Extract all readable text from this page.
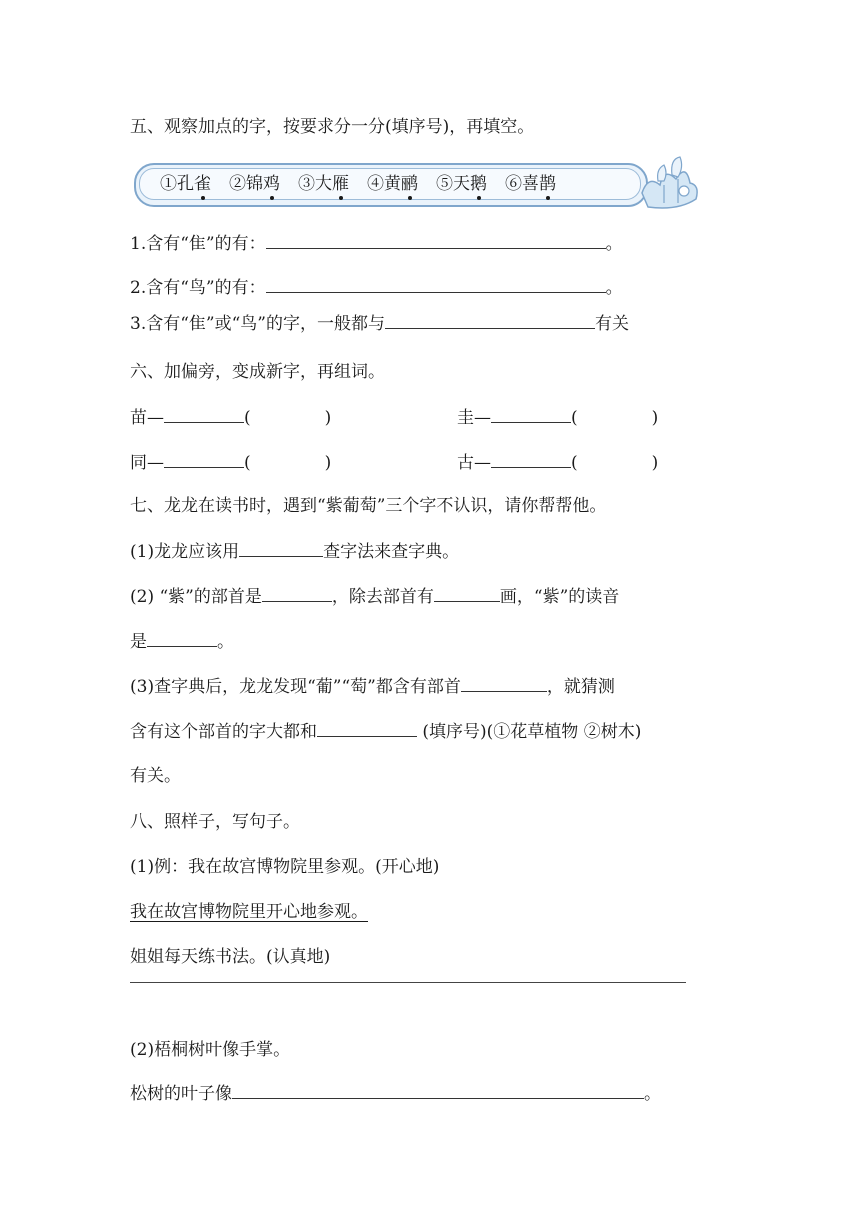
五、观察加点的字，按要求分一分(填序号)，再填空。
①孔雀 ②锦鸡 ③大雁 ④黄鹂 ⑤天鹅 ⑥喜鹊
1.含有“隹”的有：	。
2.含有“鸟”的有：	。
3.含有“隹”或“鸟”的字，一般都与	有关
六、加偏旁，变成新字，再组词。
苗—	(	)	圭—	(	)
同—	(	)	古—	(	)
七、龙龙在读书时，遇到“紫葡萄”三个字不认识，请你帮帮他。
(1)龙龙应该用	查字法来查字典。
(2) “紫”的部首是	，除去部首有	画，“紫”的读音
是	。
(3)查字典后，龙龙发现“葡”“萄”都含有部首	，就猜测
含有这个部首的字大都和	(填序号)(①花草植物 ②树木)
有关。
八、照样子，写句子。
(1)例：我在故宫博物院里参观。(开心地)
我在故宫博物院里开心地参观。
姐姐每天练书法。(认真地)
(2)梧桐树叶像手掌。
松树的叶子像	。
